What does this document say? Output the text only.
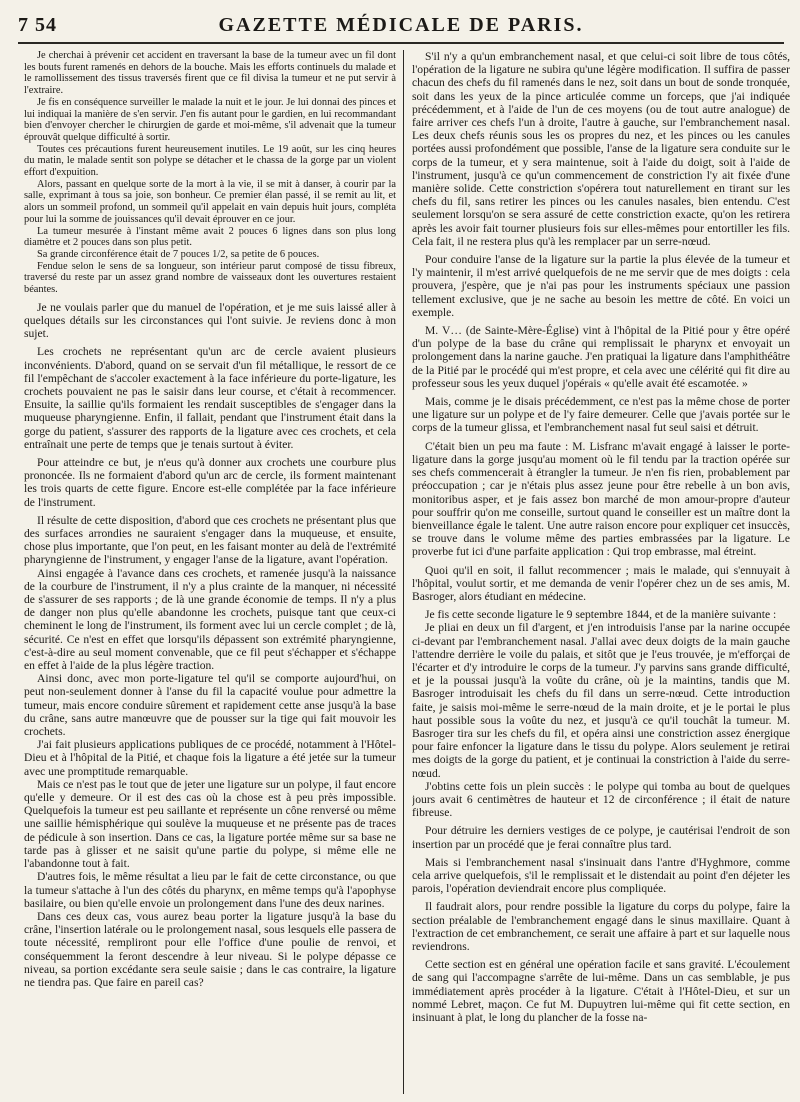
7 54	GAZETTE MÉDICALE DE PARIS.

Je cherchai à prévenir cet accident en traversant la base de la tumeur avec un fil dont les bouts furent ramenés en dehors de la bouche. Mais les efforts continuels du malade et le ramollissement des tissus traversés firent que ce fil divisa la tumeur et ne put servir à l'extraire.

Je fis en conséquence surveiller le malade la nuit et le jour. Je lui donnai des pinces et lui indiquai la manière de s'en servir. J'en fis autant pour le gardien, en lui recommandant bien d'envoyer chercher le chirurgien de garde et moi-même, s'il advenait que la tumeur éprouvât quelque difficulté à sortir.

Toutes ces précautions furent heureusement inutiles. Le 19 août, sur les cinq heures du matin, le malade sentit son polype se détacher et le chassa de la gorge par un violent effort d'expuition.

Alors, passant en quelque sorte de la mort à la vie, il se mit à danser, à courir par la salle, exprimant à tous sa joie, son bonheur. Ce premier élan passé, il se remit au lit, et alors un sommeil profond, un sommeil qu'il appelait en vain depuis huit jours, compléta pour lui la somme de jouissances qu'il devait éprouver en ce jour.

La tumeur mesurée à l'instant même avait 2 pouces 6 lignes dans son plus long diamètre et 2 pouces dans son plus petit.

Sa grande circonférence était de 7 pouces 1/2, sa petite de 6 pouces.

Fendue selon le sens de sa longueur, son intérieur parut composé de tissu fibreux, traversé du reste par un assez grand nombre de vaisseaux dont les ouvertures restaient béantes.

Je ne voulais parler que du manuel de l'opération, et je me suis laissé aller à quelques détails sur les circonstances qui l'ont suivie. Je reviens donc à mon sujet.

Les crochets ne représentant qu'un arc de cercle avaient plusieurs inconvénients. D'abord, quand on se servait d'un fil métallique, le ressort de ce fil l'empêchant de s'accoler exactement à la face inférieure du porte-ligature, les crochets pouvaient ne pas le saisir dans leur course, et c'était à recommencer. Ensuite, la saillie qu'ils formaient les rendait susceptibles de s'engager dans la muqueuse pharyngienne. Enfin, il fallait, pendant que l'instrument était dans la gorge du patient, s'assurer des rapports de la ligature avec ces crochets, et cela entraînait une perte de temps que je tenais surtout à éviter.

Pour atteindre ce but, je n'eus qu'à donner aux crochets une courbure plus prononcée. Ils ne formaient d'abord qu'un arc de cercle, ils forment maintenant les trois quarts de cette figure. Encore est-elle complétée par la face inférieure de l'instrument.

Il résulte de cette disposition, d'abord que ces crochets ne présentant plus que des surfaces arrondies ne sauraient s'engager dans la muqueuse, et ensuite, chose plus importante, que l'on peut, en les faisant monter au delà de l'extrémité pharyngienne de l'instrument, y engager l'anse de la ligature, avant l'opération.

Ainsi engagée à l'avance dans ces crochets, et ramenée jusqu'à la naissance de la courbure de l'instrument, il n'y a plus crainte de la manquer, ni nécessité de s'assurer de ses rapports ; de là une grande économie de temps. Il n'y a plus de danger non plus qu'elle abandonne les crochets, puisque tant que ceux-ci cheminent le long de l'instrument, ils forment avec lui un cercle complet ; de là, sécurité. Ce n'est en effet que lorsqu'ils dépassent son extrémité pharyngienne, c'est-à-dire au seul moment convenable, que ce fil peut s'échapper et s'échappe en effet à l'aide de la plus légère traction.

Ainsi donc, avec mon porte-ligature tel qu'il se comporte aujourd'hui, on peut non-seulement donner à l'anse du fil la capacité voulue pour admettre la tumeur, mais encore conduire sûrement et rapidement cette anse jusqu'à la base du crâne, sans autre manœuvre que de pousser sur la tige qui fait mouvoir les crochets.

J'ai fait plusieurs applications publiques de ce procédé, notamment à l'Hôtel-Dieu et à l'hôpital de la Pitié, et chaque fois la ligature a été jetée sur la tumeur avec une promptitude remarquable.

Mais ce n'est pas le tout que de jeter une ligature sur un polype, il faut encore qu'elle y demeure. Or il est des cas où la chose est à peu près impossible. Quelquefois la tumeur est peu saillante et représente un cône renversé ou même une saillie hémisphérique qui soulève la muqueuse et ne présente pas de traces de pédicule à son insertion. Dans ce cas, la ligature portée même sur sa base ne tarde pas à glisser et ne saisit qu'une partie du polype, si même elle ne l'abandonne tout à fait.

D'autres fois, le même résultat a lieu par le fait de cette circonstance, ou que la tumeur s'attache à l'un des côtés du pharynx, en même temps qu'à l'apophyse basilaire, ou bien qu'elle envoie un prolongement dans l'une des deux narines.

Dans ces deux cas, vous aurez beau porter la ligature jusqu'à la base du crâne, l'insertion latérale ou le prolongement nasal, sous lesquels elle passera de toute nécessité, rempliront pour elle l'office d'une poulie de renvoi, et conséquemment la feront descendre à leur niveau. Si le polype dépasse ce niveau, sa portion excédante sera seule saisie ; dans le cas contraire, la ligature ne tiendra pas. Que faire en pareil cas?

S'il n'y a qu'un embranchement nasal, et que celui-ci soit libre de tous côtés, l'opération de la ligature ne subira qu'une légère modification. Il suffira de passer chacun des chefs du fil ramenés dans le nez, soit dans un bout de sonde tronquée, soit dans les yeux de la pince articulée comme un forceps, que j'ai indiquée précédemment, et à l'aide de l'un de ces moyens (ou de tout autre analogue) de faire arriver ces chefs l'un à droite, l'autre à gauche, sur l'embranchement nasal. Les deux chefs réunis sous les os propres du nez, et les pinces ou les canules portées aussi profondément que possible, l'anse de la ligature sera conduite sur le corps de la tumeur, et y sera maintenue, soit à l'aide du doigt, soit à l'aide de l'instrument, jusqu'à ce qu'un commencement de constriction l'y ait fixée d'une manière solide. Cette constriction s'opérera tout naturellement en tirant sur les chefs du fil, sans retirer les pinces ou les canules nasales, bien entendu. C'est seulement lorsqu'on se sera assuré de cette constriction exacte, qu'on les retirera après les avoir fait tourner plusieurs fois sur elles-mêmes pour entortiller les fils. Cela fait, il ne restera plus qu'à les remplacer par un serre-nœud.

Pour conduire l'anse de la ligature sur la partie la plus élevée de la tumeur et l'y maintenir, il m'est arrivé quelquefois de ne me servir que de mes doigts : cela prouvera, j'espère, que je n'ai pas pour les instruments spéciaux une passion tellement exclusive, que je ne sache au besoin les mettre de côté. En voici un exemple.

M. V… (de Sainte-Mère-Église) vint à l'hôpital de la Pitié pour y être opéré d'un polype de la base du crâne qui remplissait le pharynx et envoyait un prolongement dans la narine gauche. J'en pratiquai la ligature dans l'amphithéâtre de la Pitié par le procédé qui m'est propre, et cela avec une célérité qui fit dire au professeur sous les yeux duquel j'opérais « qu'elle avait été escamotée. »

Mais, comme je le disais précédemment, ce n'est pas la même chose de porter une ligature sur un polype et de l'y faire demeurer. Celle que j'avais portée sur le corps de la tumeur glissa, et l'embranchement nasal fut seul saisi et détruit.

C'était bien un peu ma faute : M. Lisfranc m'avait engagé à laisser le porte-ligature dans la gorge jusqu'au moment où le fil tendu par la traction opérée sur ses chefs commencerait à étrangler la tumeur. Je n'en fis rien, probablement par préoccupation ; car je n'étais plus assez jeune pour être rebelle à un bon avis, monitoribus asper, et je fais assez bon marché de mon amour-propre d'auteur pour souffrir qu'on me conseille, surtout quand le conseiller est un maître dont la bienveillance égale le talent. Une autre raison encore pour expliquer cet insuccès, se trouve dans le volume même des parties embrassées par la ligature. Le proverbe fut ici d'une parfaite application : Qui trop embrasse, mal étreint.

Quoi qu'il en soit, il fallut recommencer ; mais le malade, qui s'ennuyait à l'hôpital, voulut sortir, et me demanda de venir l'opérer chez un de ses amis, M. Basroger, alors étudiant en médecine.

Je fis cette seconde ligature le 9 septembre 1844, et de la manière suivante :

Je pliai en deux un fil d'argent, et j'en introduisis l'anse par la narine occupée ci-devant par l'embranchement nasal. J'allai avec deux doigts de la main gauche l'attendre derrière le voile du palais, et sitôt que je l'eus trouvée, je m'efforçai de l'écarter et d'y introduire le corps de la tumeur. J'y parvins sans grande difficulté, et je la poussai jusqu'à la voûte du crâne, où je la maintins, tandis que M. Basroger introduisait les chefs du fil dans un serre-nœud. Cette introduction faite, je saisis moi-même le serre-nœud de la main droite, et je le portai le plus haut possible sous la voûte du nez, et jusqu'à ce qu'il touchât la tumeur. M. Basroger tira sur les chefs du fil, et opéra ainsi une constriction assez énergique pour faire enfoncer la ligature dans le tissu du polype. Alors seulement je retirai mes doigts de la gorge du patient, et je continuai la constriction à l'aide du serre-nœud.

J'obtins cette fois un plein succès : le polype qui tomba au bout de quelques jours avait 6 centimètres de hauteur et 12 de circonférence ; il était de nature fibreuse.

Pour détruire les derniers vestiges de ce polype, je cautérisai l'endroit de son insertion par un procédé que je ferai connaître plus tard.

Mais si l'embranchement nasal s'insinuait dans l'antre d'Hyghmore, comme cela arrive quelquefois, s'il le remplissait et le distendait au point d'en déjeter les parois, l'opération deviendrait encore plus compliquée.

Il faudrait alors, pour rendre possible la ligature du corps du polype, faire la section préalable de l'embranchement engagé dans le sinus maxillaire. Quant à l'extraction de cet embranchement, ce serait une affaire à part et sur laquelle nous reviendrons.

Cette section est en général une opération facile et sans gravité. L'écoulement de sang qui l'accompagne s'arrête de lui-même. Dans un cas semblable, je pus immédiatement après procéder à la ligature. C'était à l'Hôtel-Dieu, et sur un nommé Lebret, maçon. Ce fut M. Dupuytren lui-même qui fit cette section, en insinuant à plat, le long du plancher de la fosse na-
